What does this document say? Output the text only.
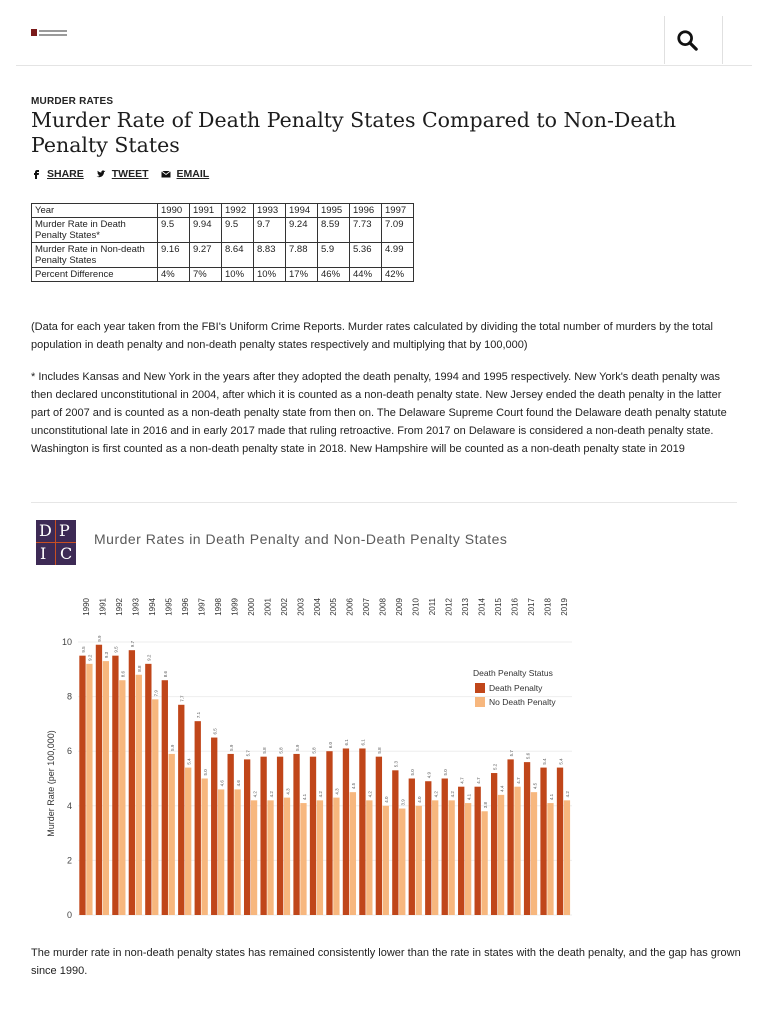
MURDER RATES
Murder Rate of Death Penalty States Compared to Non-Death Penalty States
SHARE	TWEET	EMAIL
Year	1990	1991	1992	1993	1994	1995	1996	1997
Murder Rate in Death Penalty States*	9.5	9.94	9.5	9.7	9.24	8.59	7.73	7.09
Murder Rate in Non-death Penalty States	9.16	9.27	8.64	8.83	7.88	5.9	5.36	4.99
Percent Difference	4%	7%	10%	10%	17%	46%	44%	42%
(Data for each year taken from the FBI's Uniform Crime Reports. Murder rates calculated by dividing the total number of murders by the total population in death penalty and non-death penalty states respectively and multiplying that by 100,000)
* Includes Kansas and New York in the years after they adopted the death penalty, 1994 and 1995 respectively. New York's death penalty was then declared unconstitutional in 2004, after which it is counted as a non-death penalty state. New Jersey ended the death penalty in the latter part of 2007 and is counted as a non-death penalty state from then on. The Delaware Supreme Court found the Delaware death penalty statute unconstitutional late in 2016 and in early 2017 made that ruling retroactive. From 2017 on Delaware is considered a non-death penalty state. Washington is first counted as a non-death penalty state in 2018. New Hampshire will be counted as a non-death penalty state in 2019
D P
I C
Murder Rates in Death Penalty and Non-Death Penalty States
0
2
4
6
8
10
Murder Rate (per 100,000)
1990
9.5
9.2
1991
9.9
9.3
1992
9.5
8.6
1993
9.7
8.8
1994
9.2
7.9
1995
8.6
5.9
1996
7.7
5.4
1997
7.1
5.0
1998
6.5
4.6
1999
5.9
4.6
2000
5.7
4.2
2001
5.8
4.2
2002
5.8
4.3
2003
5.9
4.1
2004
5.8
4.2
2005
6.0
4.3
2006
6.1
4.5
2007
6.1
4.2
2008
5.8
4.0
2009
5.3
3.9
2010
5.0
4.0
2011
4.9
4.2
2012
5.0
4.2
2013
4.7
4.1
2014
4.7
3.8
2015
5.2
4.4
2016
5.7
4.7
2017
5.6
4.5
2018
5.4
4.1
2019
5.4
4.2
Death Penalty Status
Death Penalty
No Death Penalty
The murder rate in non-death penalty states has remained consistently lower than the rate in states with the death penalty, and the gap has grown since 1990.
